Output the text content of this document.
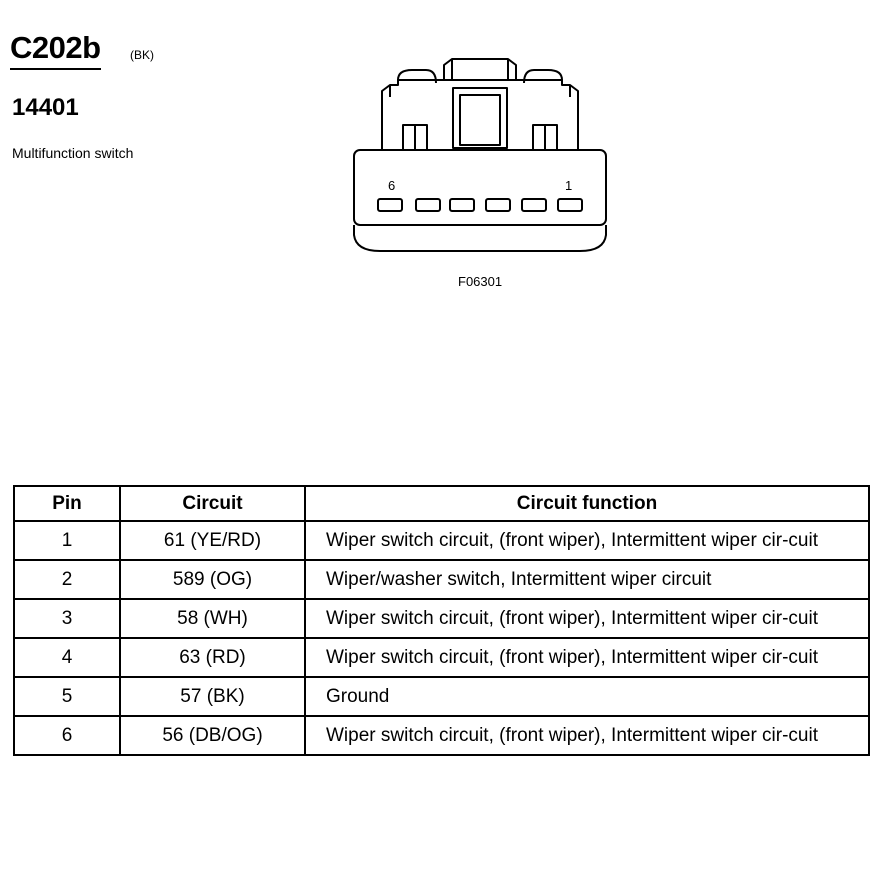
C202b (BK)
14401
Multifunction switch
6	1
F06301
Pin	Circuit	Circuit function
1	61 (YE/RD)	Wiper switch circuit, (front wiper), Intermittent wiper cir-cuit
2	589 (OG)	Wiper/washer switch, Intermittent wiper circuit
3	58 (WH)	Wiper switch circuit, (front wiper), Intermittent wiper cir-cuit
4	63 (RD)	Wiper switch circuit, (front wiper), Intermittent wiper cir-cuit
5	57 (BK)	Ground
6	56 (DB/OG)	Wiper switch circuit, (front wiper), Intermittent wiper cir-cuit
